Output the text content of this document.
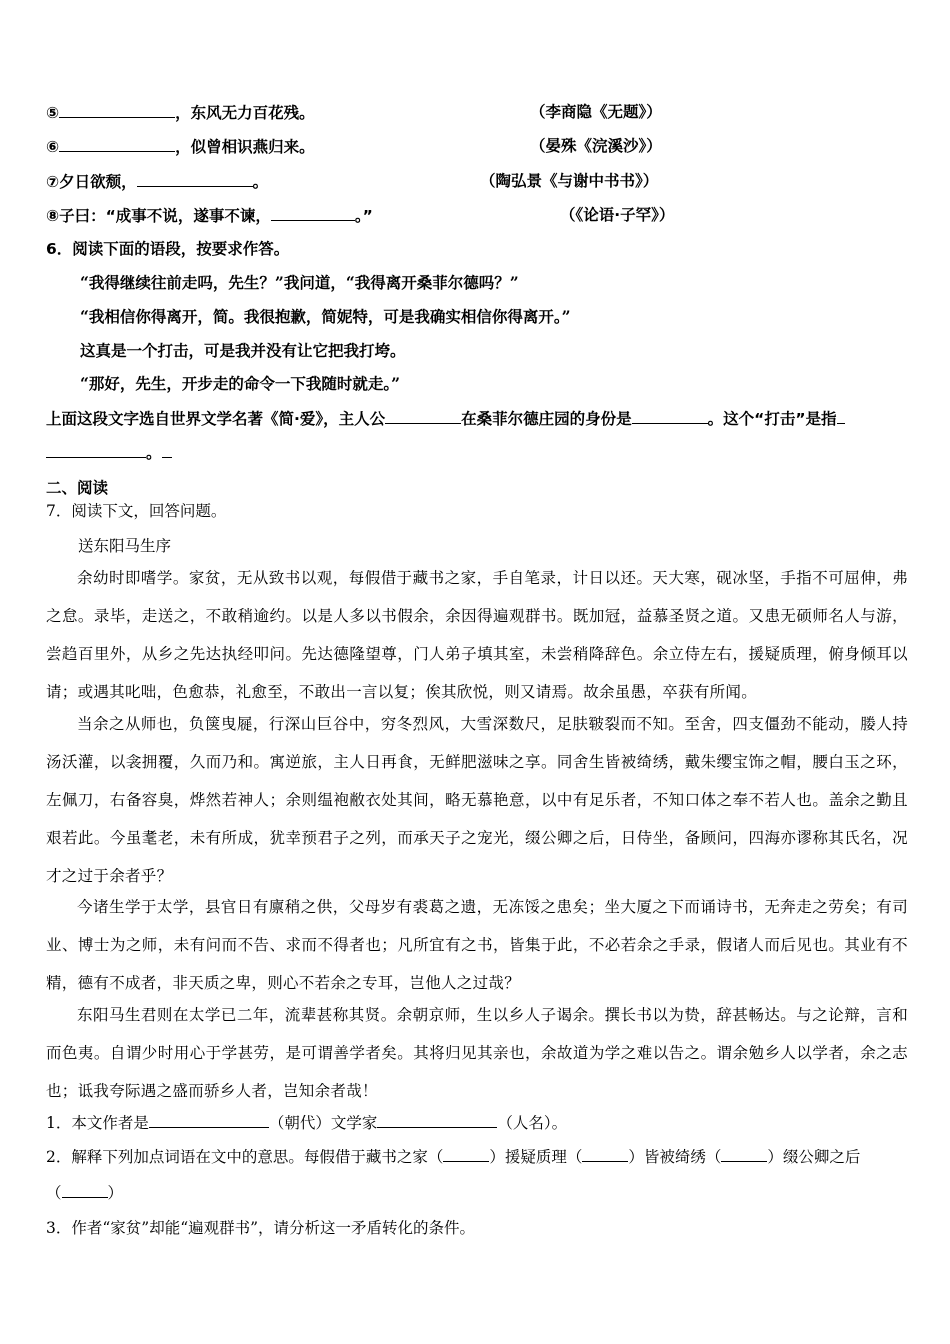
⑤	，东风无力百花残。	（李商隐《无题》）
⑥	，似曾相识燕归来。	（晏殊《浣溪沙》）
⑦夕日欲颓，	。	（陶弘景《与谢中书书》）
⑧子曰：“成事不说，遂事不谏，	。”	（《论语·子罕》）
6．阅读下面的语段，按要求作答。
“我得继续往前走吗，先生？”我问道，“我得离开桑菲尔德吗？”
“我相信你得离开，简。我很抱歉，简妮特，可是我确实相信你得离开。”
这真是一个打击，可是我并没有让它把我打垮。
“那好，先生，开步走的命令一下我随时就走。”
上面这段文字选自世界文学名著《简·爱》，主人公	在桑菲尔德庄园的身份是	。这个“打击”是指
。
二、阅读
7．阅读下文，回答问题。
送东阳马生序
余幼时即嗜学。家贫，无从致书以观，每假借于藏书之家，手自笔录，计日以还。天大寒，砚冰坚，手指不可屈伸，弗之怠。录毕，走送之，不敢稍逾约。以是人多以书假余，余因得遍观群书。既加冠，益慕圣贤之道。又患无硕师名人与游，尝趋百里外，从乡之先达执经叩问。先达德隆望尊，门人弟子填其室，未尝稍降辞色。余立侍左右，援疑质理，俯身倾耳以请；或遇其叱咄，色愈恭，礼愈至，不敢出一言以复；俟其欣悦，则又请焉。故余虽愚，卒获有所闻。
当余之从师也，负箧曳屣，行深山巨谷中，穷冬烈风，大雪深数尺，足肤皲裂而不知。至舍，四支僵劲不能动，媵人持汤沃灌，以衾拥覆，久而乃和。寓逆旅，主人日再食，无鲜肥滋味之享。同舍生皆被绮绣，戴朱缨宝饰之帽，腰白玉之环，左佩刀，右备容臭，烨然若神人；余则缊袍敝衣处其间，略无慕艳意，以中有足乐者，不知口体之奉不若人也。盖余之勤且艰若此。今虽耄老，未有所成，犹幸预君子之列，而承天子之宠光，缀公卿之后，日侍坐，备顾问，四海亦谬称其氏名，况才之过于余者乎？
今诸生学于太学，县官日有廪稍之供，父母岁有裘葛之遗，无冻馁之患矣；坐大厦之下而诵诗书，无奔走之劳矣；有司业、博士为之师，未有问而不告、求而不得者也；凡所宜有之书，皆集于此，不必若余之手录，假诸人而后见也。其业有不精，德有不成者，非天质之卑，则心不若余之专耳，岂他人之过哉？
东阳马生君则在太学已二年，流辈甚称其贤。余朝京师，生以乡人子谒余。撰长书以为贽，辞甚畅达。与之论辩，言和而色夷。自谓少时用心于学甚劳，是可谓善学者矣。其将归见其亲也，余故道为学之难以告之。谓余勉乡人以学者，余之志也；诋我夸际遇之盛而骄乡人者，岂知余者哉！
1．本文作者是	（朝代）文学家	（人名）。
2．解释下列加点词语在文中的意思。每假借于藏书之家（	）援疑质理（	）皆被绮绣（	）缀公卿之后
（	）
3．作者“家贫”却能“遍观群书”，请分析这一矛盾转化的条件。
